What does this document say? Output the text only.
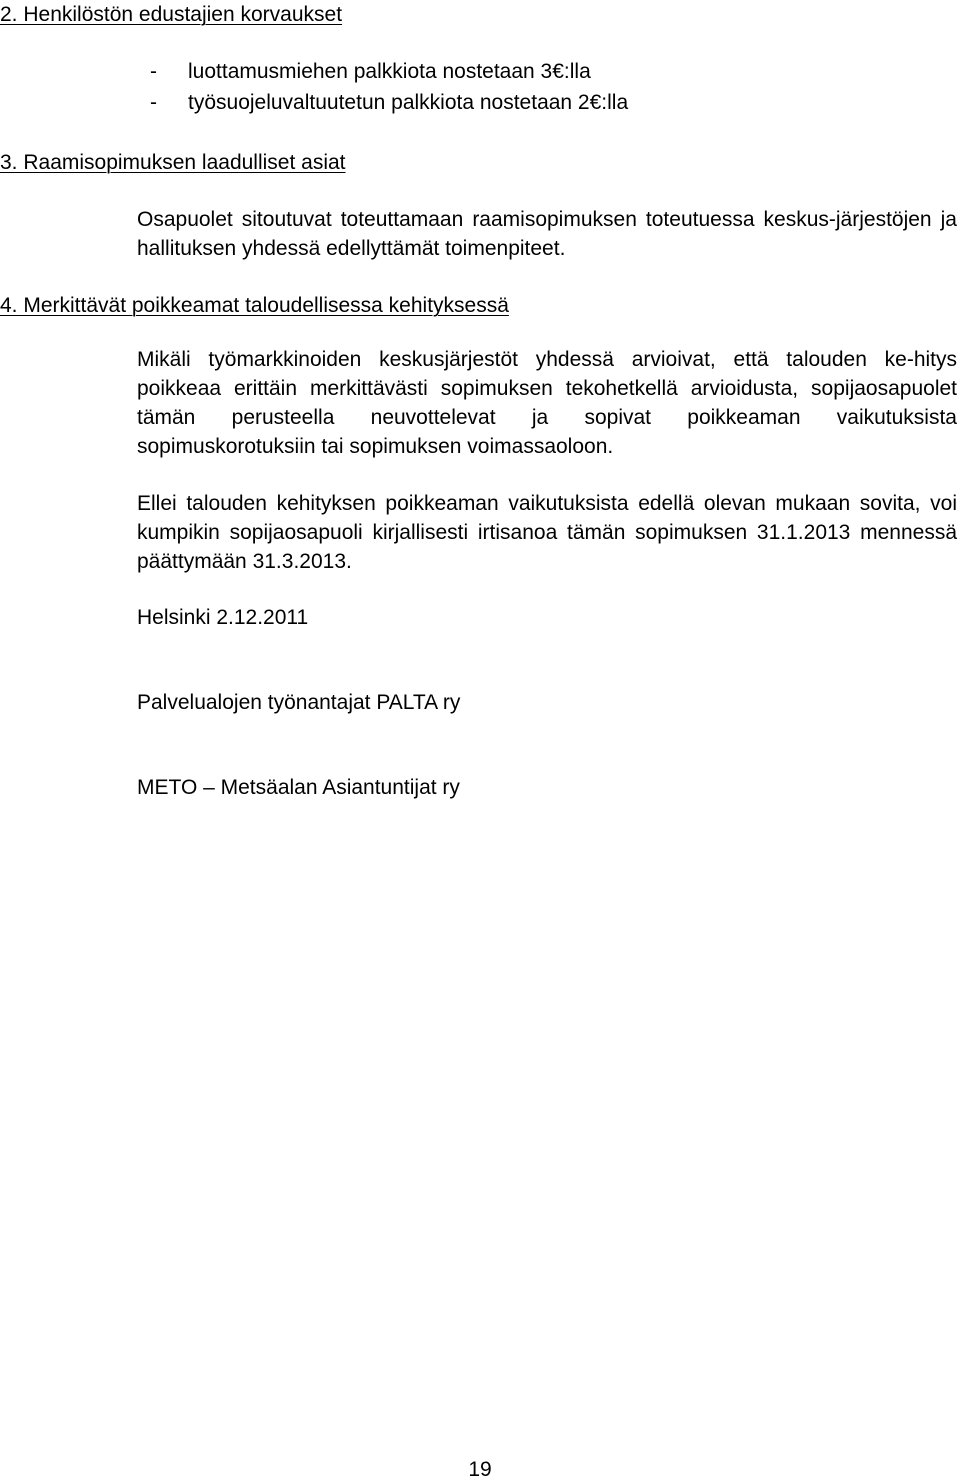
2. Henkilöstön edustajien korvaukset
- luottamusmiehen palkkiota nostetaan 3€:lla
- työsuojeluvaltuutetun palkkiota nostetaan 2€:lla
3. Raamisopimuksen laadulliset asiat
Osapuolet sitoutuvat toteuttamaan raamisopimuksen toteutuessa keskus-järjestöjen ja hallituksen yhdessä edellyttämät toimenpiteet.
4. Merkittävät poikkeamat taloudellisessa kehityksessä
Mikäli työmarkkinoiden keskusjärjestöt yhdessä arvioivat, että talouden ke-hitys poikkeaa erittäin merkittävästi sopimuksen tekohetkellä arvioidusta, sopijaosapuolet tämän perusteella neuvottelevat ja sopivat poikkeaman vaikutuksista sopimuskorotuksiin tai sopimuksen voimassaoloon.
Ellei talouden kehityksen poikkeaman vaikutuksista edellä olevan mukaan sovita, voi kumpikin sopijaosapuoli kirjallisesti irtisanoa tämän sopimuksen 31.1.2013 mennessä päättymään 31.3.2013.
Helsinki 2.12.2011
Palvelualojen työnantajat PALTA ry
METO – Metsäalan Asiantuntijat ry
19
